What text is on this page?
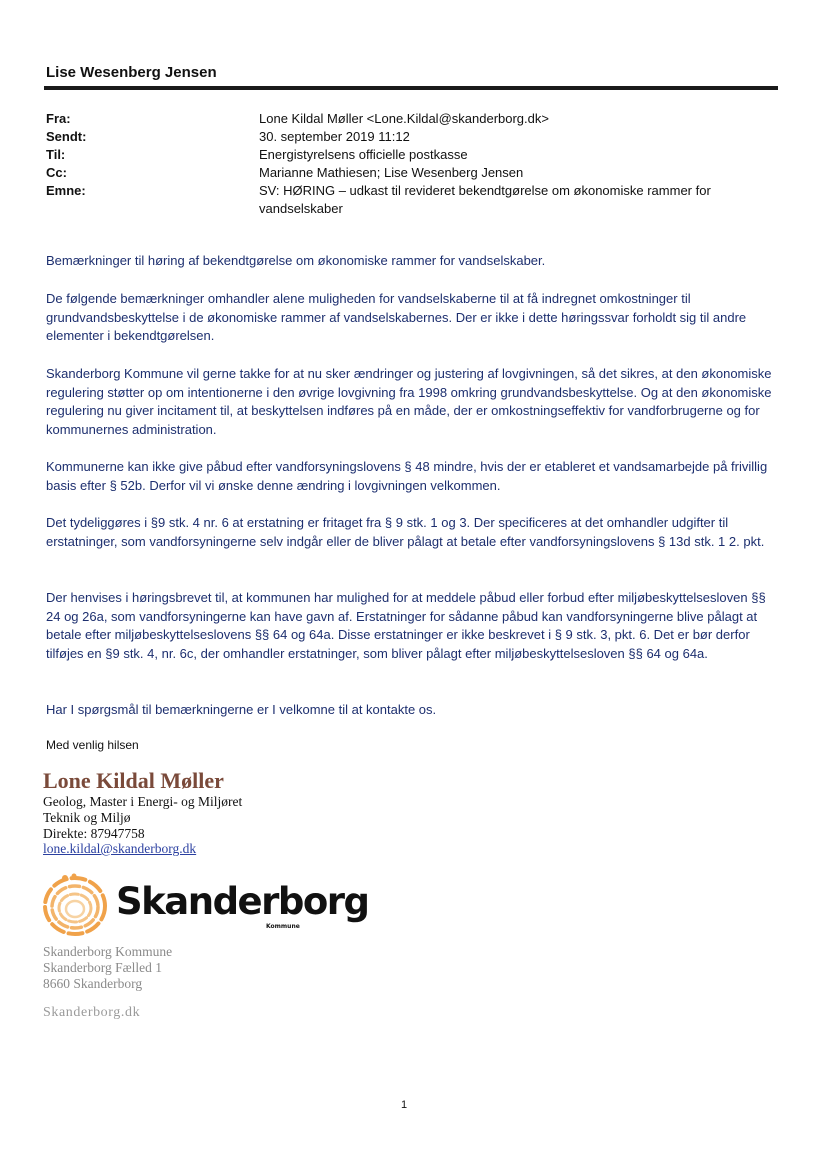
Lise Wesenberg Jensen
Fra:	Lone Kildal Møller <Lone.Kildal@skanderborg.dk>
Sendt:	30. september 2019 11:12
Til:	Energistyrelsens officielle postkasse
Cc:	Marianne Mathiesen; Lise Wesenberg Jensen
Emne:	SV: HØRING – udkast til revideret bekendtgørelse om økonomiske rammer for vandselskaber
Bemærkninger til høring af bekendtgørelse om økonomiske rammer for vandselskaber.
De følgende bemærkninger omhandler alene muligheden for vandselskaberne til at få indregnet omkostninger til grundvandsbeskyttelse i de økonomiske rammer af vandselskabernes. Der er ikke i dette høringssvar forholdt sig til andre elementer i bekendtgørelsen.
Skanderborg Kommune vil gerne takke for at nu sker ændringer og justering af lovgivningen, så det sikres, at den økonomiske regulering støtter op om intentionerne i den øvrige lovgivning fra 1998 omkring grundvandsbeskyttelse. Og at den økonomiske regulering nu giver incitament til, at beskyttelsen indføres på en måde, der er omkostningseffektiv for vandforbrugerne og for kommunernes administration.
Kommunerne kan ikke give påbud efter vandforsyningslovens § 48 mindre, hvis der er etableret et vandsamarbejde på frivillig basis efter § 52b. Derfor vil vi ønske denne ændring i lovgivningen velkommen.
Det tydeliggøres i §9 stk. 4 nr. 6 at erstatning er fritaget fra § 9 stk. 1 og 3. Der specificeres at det omhandler udgifter til erstatninger, som vandforsyningerne selv indgår eller de bliver pålagt at betale efter vandforsyningslovens § 13d stk. 1 2. pkt.
Der henvises i høringsbrevet til, at kommunen har mulighed for at meddele påbud eller forbud efter miljøbeskyttelsesloven §§ 24 og 26a, som vandforsyningerne kan have gavn af. Erstatninger for sådanne påbud kan vandforsyningerne blive pålagt at betale efter miljøbeskyttelseslovens §§ 64 og 64a. Disse erstatninger er ikke beskrevet i § 9 stk. 3, pkt. 6. Det er bør derfor tilføjes en §9 stk. 4, nr. 6c, der omhandler erstatninger, som bliver pålagt efter miljøbeskyttelsesloven §§ 64 og 64a.
Har I spørgsmål til bemærkningerne er I velkomne til at kontakte os.
Med venlig hilsen
Lone Kildal Møller
Geolog, Master i Energi- og Miljøret
Teknik og Miljø
Direkte: 87947758
lone.kildal@skanderborg.dk
Skanderborg
Kommune
Skanderborg Kommune
Skanderborg Fælled 1
8660 Skanderborg
Skanderborg.dk
1
